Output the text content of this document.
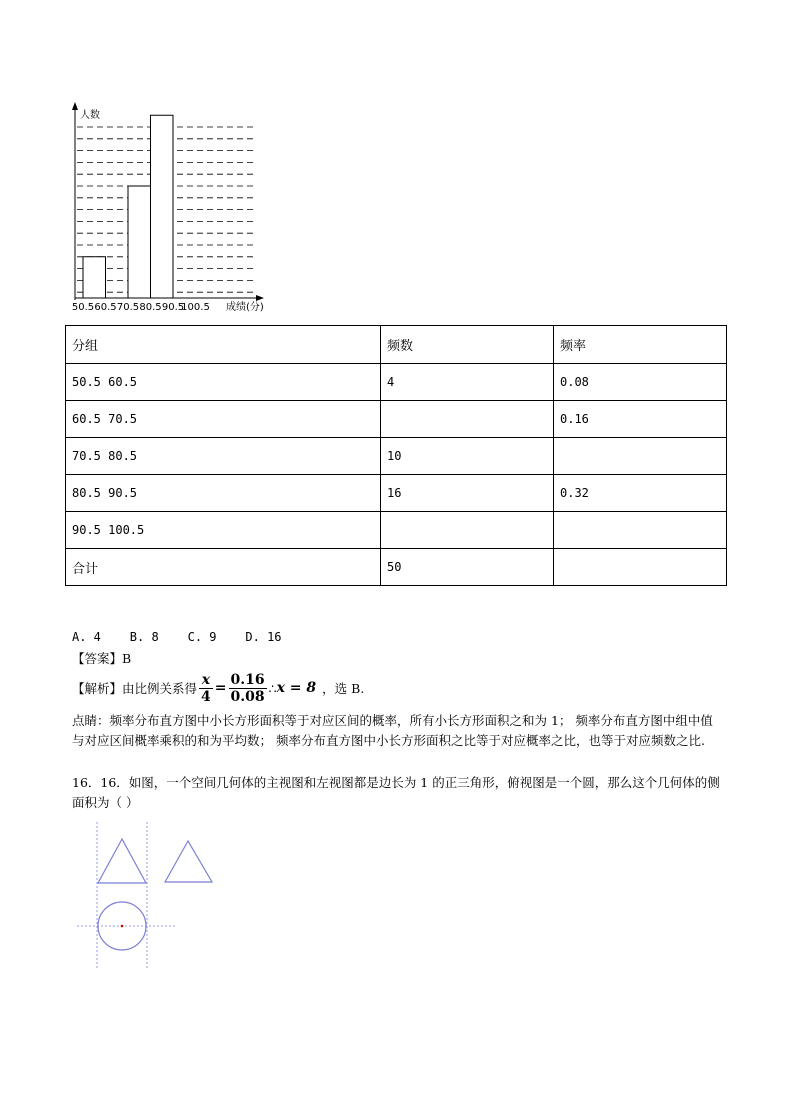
人数
成绩(分)
50.5 60.5 70.5 80.5 90.5
100.5
分组	频数	频率
50.5 60.5	4	0.08
60.5 70.5		0.16
70.5 80.5	10	
80.5 90.5	16	0.32
90.5 100.5		
合计	50	
A. 4    B. 8    C. 9    D. 16
【答案】B
【解析】 由比例关系得 $\frac{x}{4} = \frac{0.16}{0.08}$ ∴ x = 8 ，选 B.
点睛：频率分布直方图中小长方形面积等于对应区间的概率，所有小长方形面积之和为 1； 频率分布直方图中组中值与对应区间概率乘积的和为平均数； 频率分布直方图中小长方形面积之比等于对应概率之比，也等于对应频数之比.
16．16．如图，一个空间几何体的主视图和左视图都是边长为 1 的正三角形，俯视图是一个圆，那么这个几何体的侧面积为（ ）
